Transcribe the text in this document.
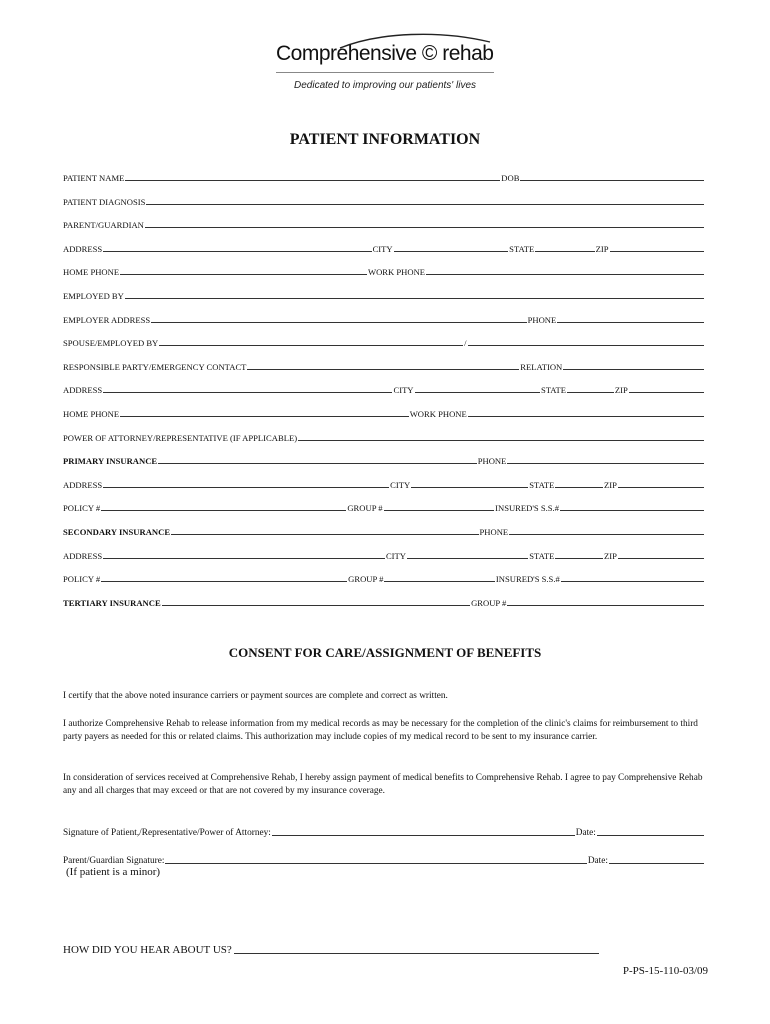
Comprehensive © rehab
Dedicated to improving our patients' lives
PATIENT INFORMATION
PATIENT NAME	DOB
PATIENT DIAGNOSIS
PARENT/GUARDIAN
ADDRESS	CITY	STATE	ZIP
HOME PHONE	WORK PHONE
EMPLOYED BY
EMPLOYER ADDRESS	PHONE
SPOUSE/EMPLOYED BY	/
RESPONSIBLE PARTY/EMERGENCY CONTACT	RELATION
ADDRESS	CITY	STATE	ZIP
HOME PHONE	WORK PHONE
POWER OF ATTORNEY/REPRESENTATIVE (IF APPLICABLE)
PRIMARY INSURANCE	PHONE
ADDRESS	CITY	STATE	ZIP
POLICY #	GROUP #	INSURED'S S.S.#
SECONDARY INSURANCE	PHONE
ADDRESS	CITY	STATE	ZIP
POLICY #	GROUP #	INSURED'S S.S.#
TERTIARY INSURANCE	GROUP #
CONSENT FOR CARE/ASSIGNMENT OF BENEFITS
I certify that the above noted insurance carriers or payment sources are complete and correct as written.
I authorize Comprehensive Rehab to release information from my medical records as may be necessary for the completion of the clinic's claims for reimbursement to third party payers as needed for this or related claims. This authorization may include copies of my medical record to be sent to my insurance carrier.
In consideration of services received at Comprehensive Rehab, I hereby assign payment of medical benefits to Comprehensive Rehab. I agree to pay Comprehensive Rehab any and all charges that may exceed or that are not covered by my insurance coverage.
Signature of Patient,/Representative/Power of Attorney:	Date:
Parent/Guardian Signature:	Date:
(If patient is a minor)
HOW DID YOU HEAR ABOUT US?
P-PS-15-110-03/09
